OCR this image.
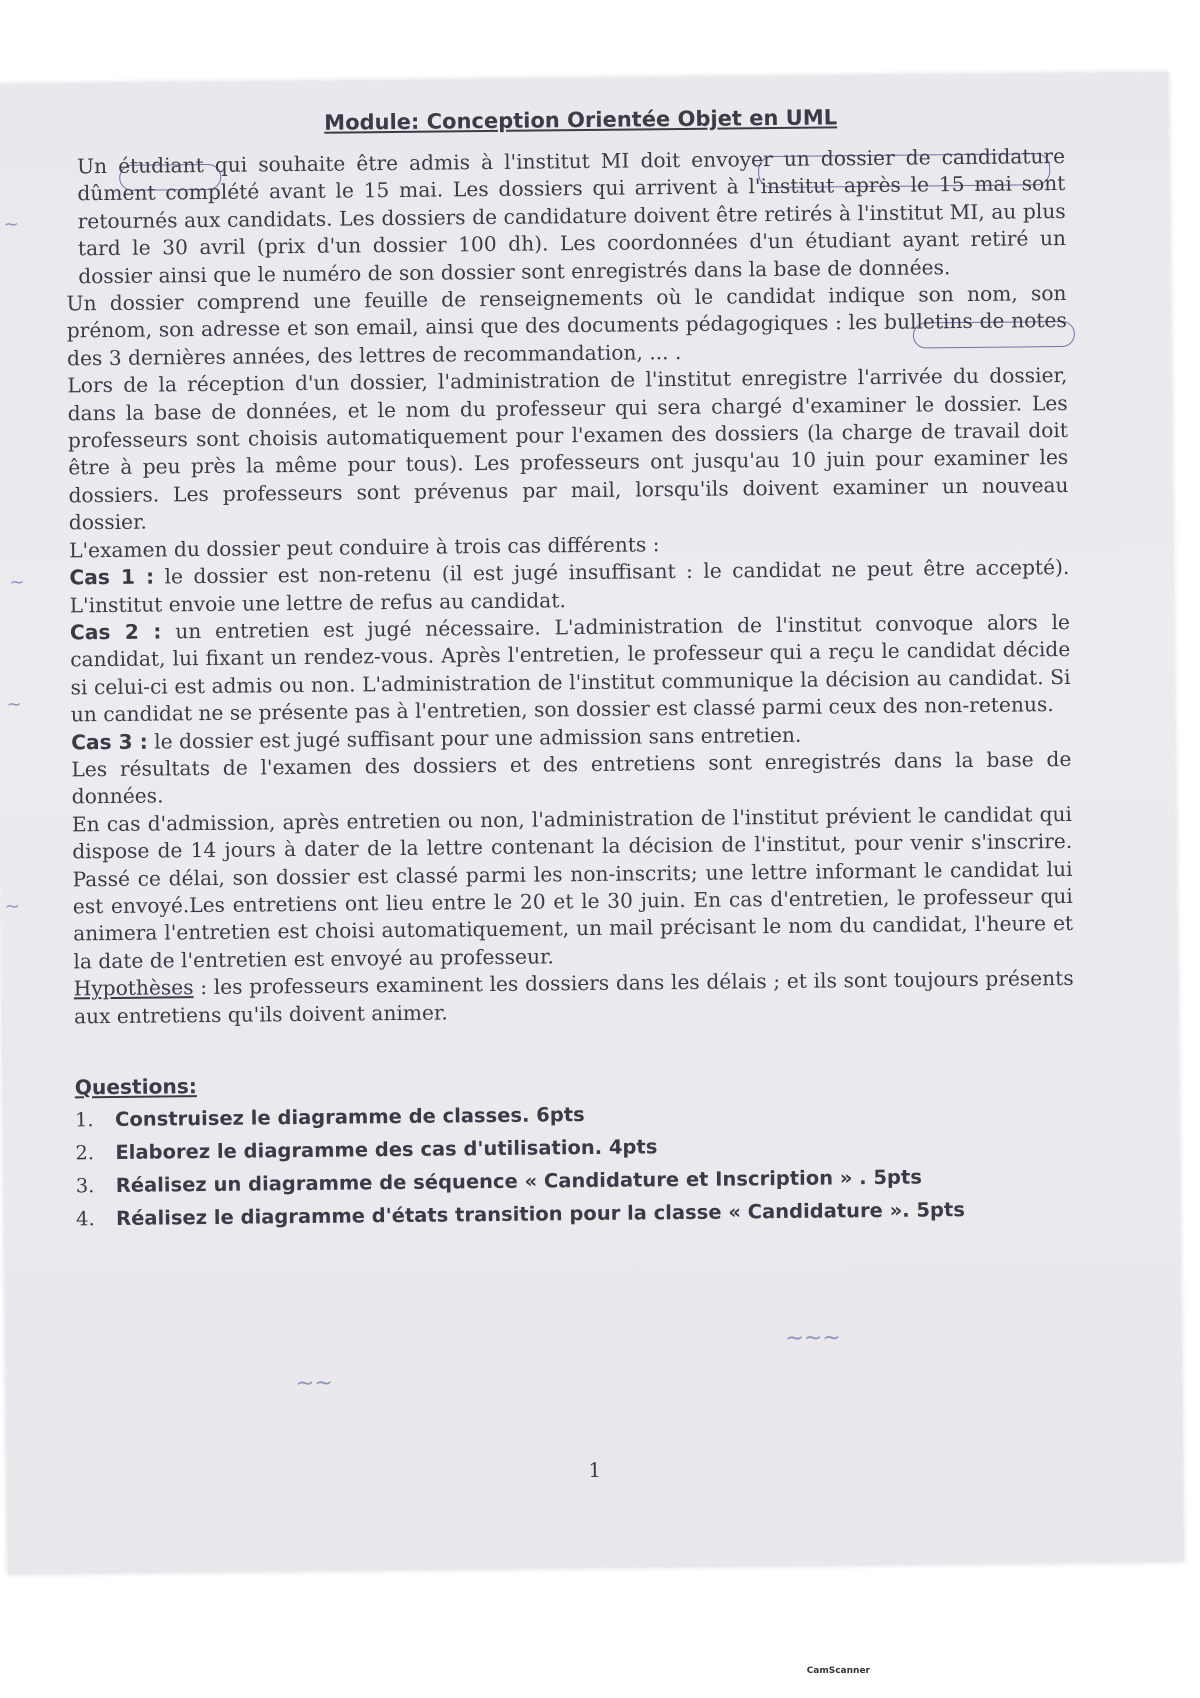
Module: Conception Orientée Objet en UML
~
~
~
~
~~
~~~

Un étudiant qui souhaite être admis à l'institut MI doit envoyer un dossier de candidature dûment complété avant le 15 mai. Les dossiers qui arrivent à l'institut après le 15 mai sont retournés aux candidats. Les dossiers de candidature doivent être retirés à l'institut MI, au plus tard le 30 avril (prix d'un dossier 100 dh). Les coordonnées d'un étudiant ayant retiré un dossier ainsi que le numéro de son dossier sont enregistrés dans la base de données.

Un dossier comprend une feuille de renseignements où le candidat indique son nom, son prénom, son adresse et son email, ainsi que des documents pédagogiques : les bulletins de notes des 3 dernières années, des lettres de recommandation, ... .

Lors de la réception d'un dossier, l'administration de l'institut enregistre l'arrivée du dossier, dans la base de données, et le nom du professeur qui sera chargé d'examiner le dossier. Les professeurs sont choisis automatiquement pour l'examen des dossiers (la charge de travail doit être à peu près la même pour tous). Les professeurs ont jusqu'au 10 juin pour examiner les dossiers. Les professeurs sont prévenus par mail, lorsqu'ils doivent examiner un nouveau dossier.

L'examen du dossier peut conduire à trois cas différents :

Cas 1 : le dossier est non-retenu (il est jugé insuffisant : le candidat ne peut être accepté). L'institut envoie une lettre de refus au candidat.

Cas 2 : un entretien est jugé nécessaire. L'administration de l'institut convoque alors le candidat, lui fixant un rendez-vous. Après l'entretien, le professeur qui a reçu le candidat décide si celui-ci est admis ou non. L'administration de l'institut communique la décision au candidat. Si un candidat ne se présente pas à l'entretien, son dossier est classé parmi ceux des non-retenus.

Cas 3 : le dossier est jugé suffisant pour une admission sans entretien.

Les résultats de l'examen des dossiers et des entretiens sont enregistrés dans la base de données.

En cas d'admission, après entretien ou non, l'administration de l'institut prévient le candidat qui dispose de 14 jours à dater de la lettre contenant la décision de l'institut, pour venir s'inscrire. Passé ce délai, son dossier est classé parmi les non-inscrits; une lettre informant le candidat lui est envoyé.Les entretiens ont lieu entre le 20 et le 30 juin. En cas d'entretien, le professeur qui animera l'entretien est choisi automatiquement, un mail précisant le nom du candidat, l'heure et la date de l'entretien est envoyé au professeur.

Hypothèses : les professeurs examinent les dossiers dans les délais ; et ils sont toujours présents aux entretiens qu'ils doivent animer.

Questions:
1. Construisez le diagramme de classes. 6pts
2. Elaborez le diagramme des cas d'utilisation. 4pts
3. Réalisez un diagramme de séquence « Candidature et Inscription » . 5pts
4. Réalisez le diagramme d'états transition pour la classe « Candidature ». 5pts
1
CamScanner
